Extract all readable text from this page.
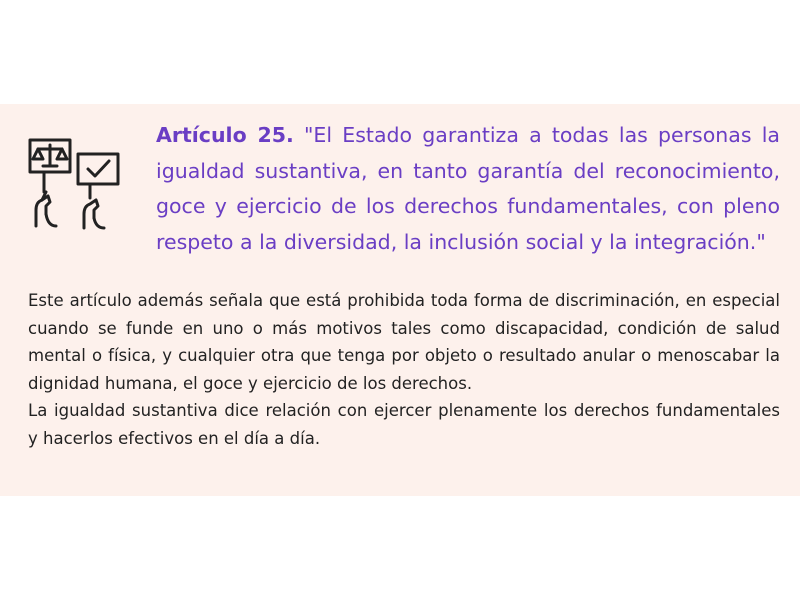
Artículo 25. "El Estado garantiza a todas las personas la igualdad sustantiva, en tanto garantía del reconocimiento, goce y ejercicio de los derechos fundamentales, con pleno respeto a la diversidad, la inclusión social y la integración."

Este artículo además señala que está prohibida toda forma de discriminación, en especial cuando se funde en uno o más motivos tales como discapacidad, condición de salud mental o física, y cualquier otra que tenga por objeto o resultado anular o menoscabar la dignidad humana, el goce y ejercicio de los derechos.

La igualdad sustantiva dice relación con ejercer plenamente los derechos fundamentales y hacerlos efectivos en el día a día.
